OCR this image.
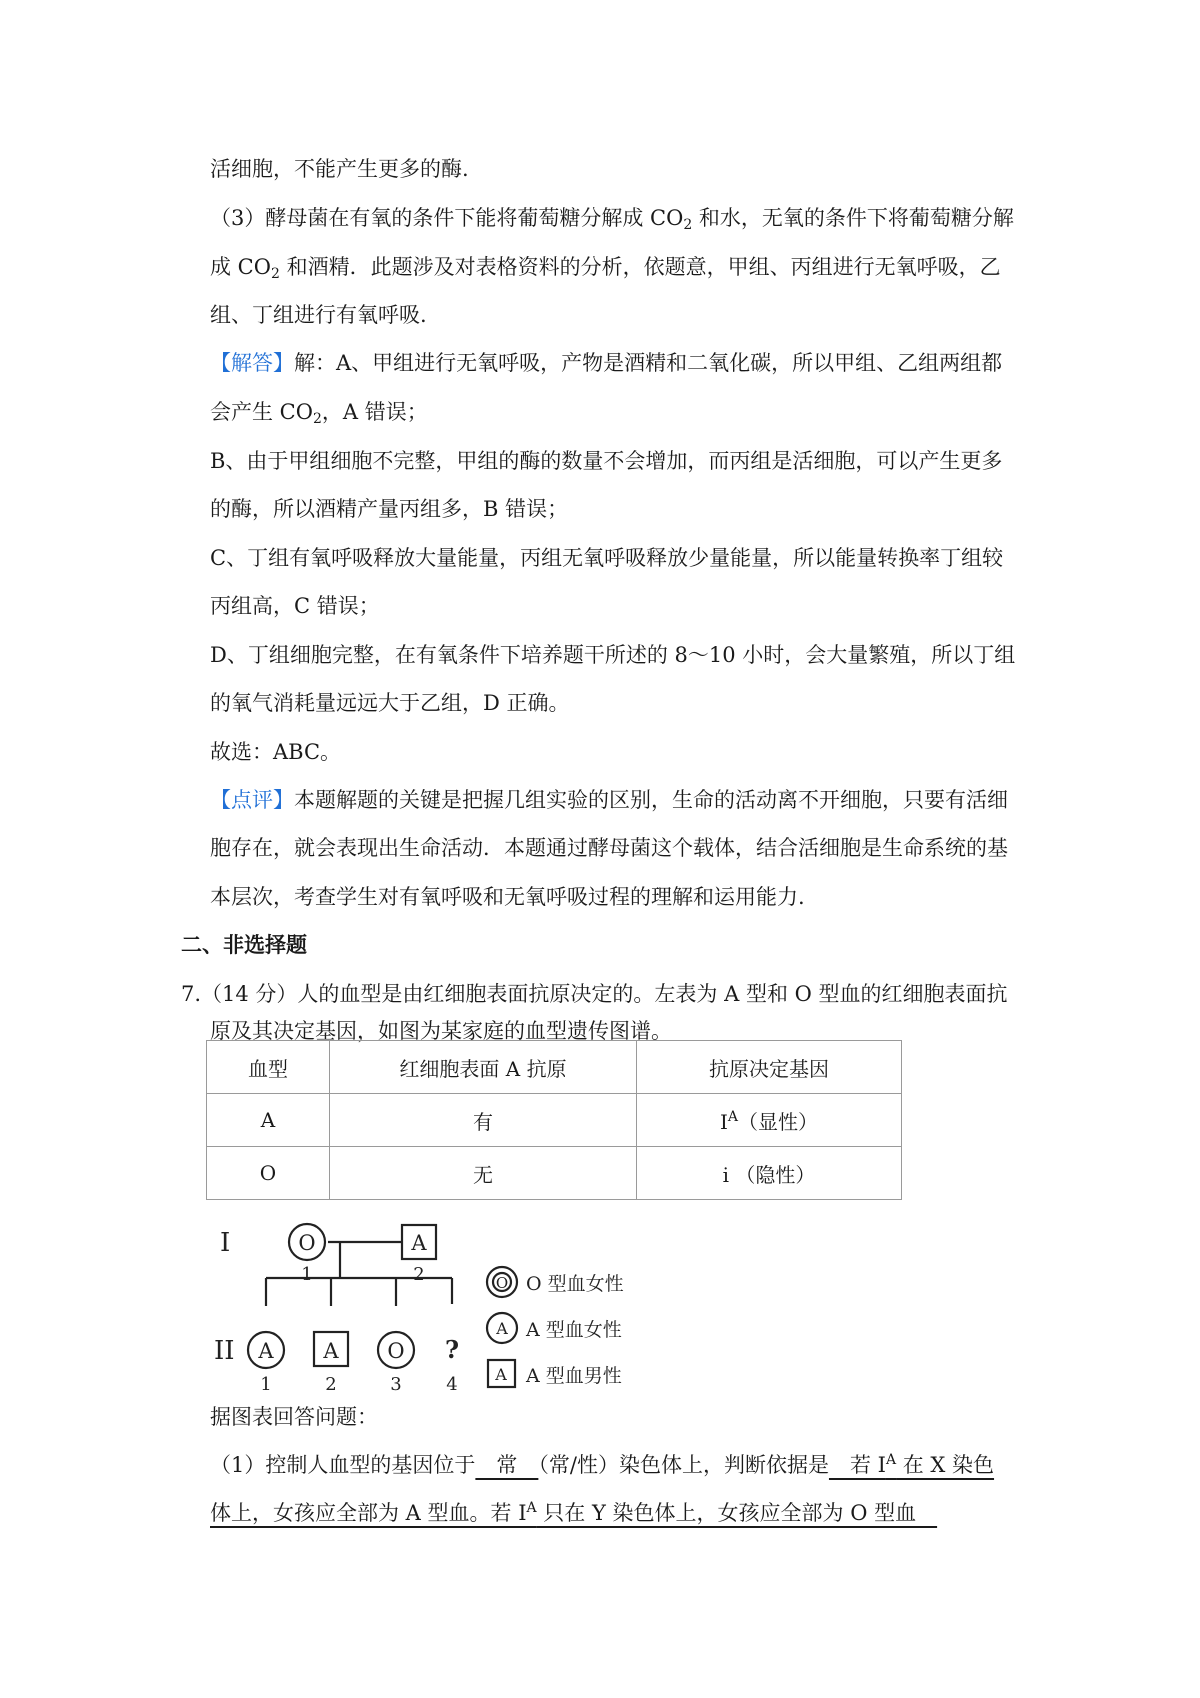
活细胞，不能产生更多的酶.
（3）酵母菌在有氧的条件下能将葡萄糖分解成 $CO_2$ 和水，无氧的条件下将葡萄糖分解
成 $CO_2$ 和酒精．此题涉及对表格资料的分析，依题意，甲组、丙组进行无氧呼吸，乙
组、丁组进行有氧呼吸.
【解答】解：A、甲组进行无氧呼吸，产物是酒精和二氧化碳，所以甲组、乙组两组都
会产生 $CO_2$，A 错误；
B、由于甲组细胞不完整，甲组的酶的数量不会增加，而丙组是活细胞，可以产生更多
的酶，所以酒精产量丙组多，B 错误；
C、丁组有氧呼吸释放大量能量，丙组无氧呼吸释放少量能量，所以能量转换率丁组较
丙组高，C 错误；
D、丁组细胞完整，在有氧条件下培养题干所述的 8～10 小时，会大量繁殖，所以丁组
的氧气消耗量远远大于乙组，D 正确。
故选：ABC。
【点评】本题解题的关键是把握几组实验的区别，生命的活动离不开细胞，只要有活细
胞存在，就会表现出生命活动．本题通过酵母菌这个载体，结合活细胞是生命系统的基
本层次，考查学生对有氧呼吸和无氧呼吸过程的理解和运用能力.
二、非选择题
7.（14 分）人的血型是由红细胞表面抗原决定的。左表为 A 型和 O 型血的红细胞表面抗
原及其决定基因，如图为某家庭的血型遗传图谱。
血型	红细胞表面 A 抗原	抗原决定基因
A	有	$I^A$（显性）
O	无	i （隐性）
I
II
O
1
A
2
A
1
A
2
O
3
?
4
O O 型血女性
A A 型血女性
A A 型血男性
据图表回答问题：
（1）控制人血型的基因位于　常　（常/性）染色体上，判断依据是　若 $I^A$ 在 X 染色
体上，女孩应全部为 A 型血。若 $I^A$ 只在 Y 染色体上，女孩应全部为 O 型血　
